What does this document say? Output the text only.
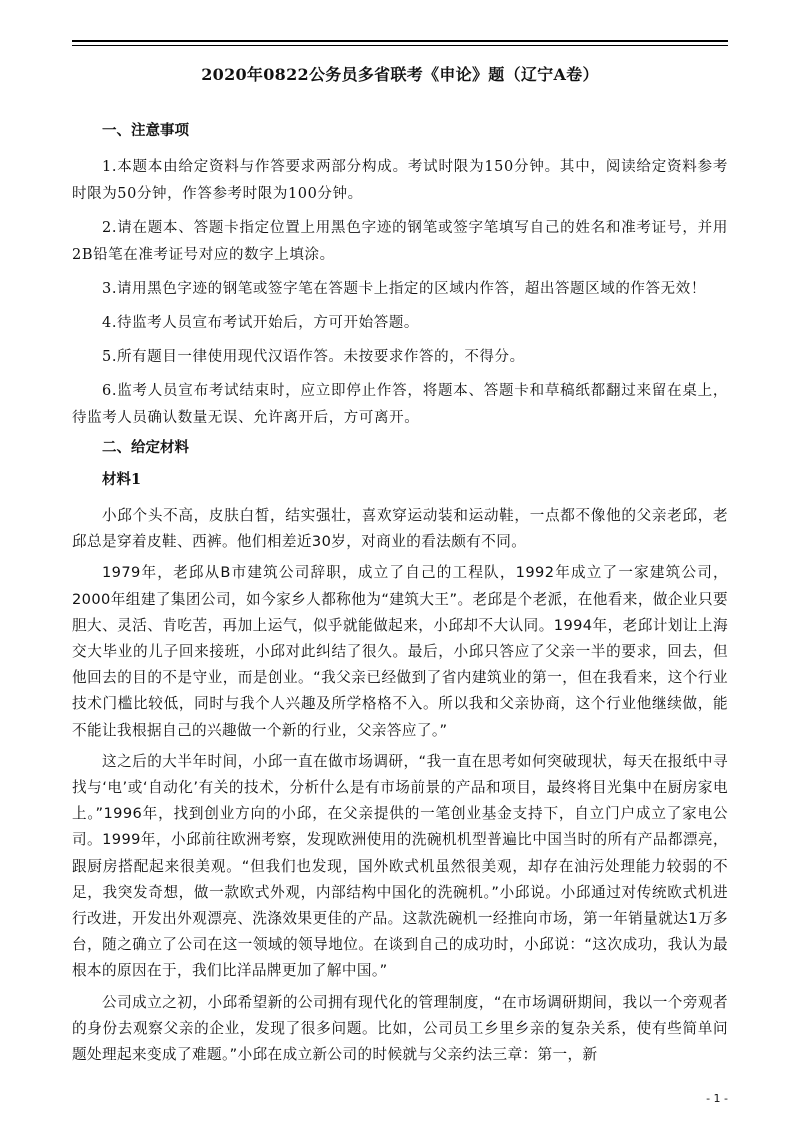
2020年0822公务员多省联考《申论》题（辽宁A卷）
一、注意事项

1.本题本由给定资料与作答要求两部分构成。考试时限为150分钟。其中，阅读给定资料参考时限为50分钟，作答参考时限为100分钟。

2.请在题本、答题卡指定位置上用黑色字迹的钢笔或签字笔填写自己的姓名和准考证号，并用2B铅笔在准考证号对应的数字上填涂。

3.请用黑色字迹的钢笔或签字笔在答题卡上指定的区域内作答，超出答题区域的作答无效！

4.待监考人员宣布考试开始后，方可开始答题。

5.所有题目一律使用现代汉语作答。未按要求作答的，不得分。

6.监考人员宣布考试结束时，应立即停止作答，将题本、答题卡和草稿纸都翻过来留在桌上，待监考人员确认数量无误、允许离开后，方可离开。

二、给定材料
材料1

小邱个头不高，皮肤白皙，结实强壮，喜欢穿运动装和运动鞋，一点都不像他的父亲老邱，老邱总是穿着皮鞋、西裤。他们相差近30岁，对商业的看法颇有不同。

1979年，老邱从B市建筑公司辞职，成立了自己的工程队，1992年成立了一家建筑公司，2000年组建了集团公司，如今家乡人都称他为“建筑大王”。老邱是个老派，在他看来，做企业只要胆大、灵活、肯吃苦，再加上运气，似乎就能做起来，小邱却不大认同。1994年，老邱计划让上海交大毕业的儿子回来接班，小邱对此纠结了很久。最后，小邱只答应了父亲一半的要求，回去，但他回去的目的不是守业，而是创业。“我父亲已经做到了省内建筑业的第一，但在我看来，这个行业技术门槛比较低，同时与我个人兴趣及所学格格不入。所以我和父亲协商，这个行业他继续做，能不能让我根据自己的兴趣做一个新的行业，父亲答应了。”

这之后的大半年时间，小邱一直在做市场调研，“我一直在思考如何突破现状，每天在报纸中寻找与‘电’或‘自动化’有关的技术，分析什么是有市场前景的产品和项目，最终将目光集中在厨房家电上。”1996年，找到创业方向的小邱，在父亲提供的一笔创业基金支持下，自立门户成立了家电公司。1999年，小邱前往欧洲考察，发现欧洲使用的洗碗机机型普遍比中国当时的所有产品都漂亮，跟厨房搭配起来很美观。“但我们也发现，国外欧式机虽然很美观，却存在油污处理能力较弱的不足，我突发奇想，做一款欧式外观，内部结构中国化的洗碗机。”小邱说。小邱通过对传统欧式机进行改进，开发出外观漂亮、洗涤效果更佳的产品。这款洗碗机一经推向市场，第一年销量就达1万多台，随之确立了公司在这一领域的领导地位。在谈到自己的成功时，小邱说：“这次成功，我认为最根本的原因在于，我们比洋品牌更加了解中国。”

公司成立之初，小邱希望新的公司拥有现代化的管理制度，“在市场调研期间，我以一个旁观者的身份去观察父亲的企业，发现了很多问题。比如，公司员工乡里乡亲的复杂关系，使有些简单问题处理起来变成了难题。”小邱在成立新公司的时候就与父亲约法三章：第一，新

- 1 -
